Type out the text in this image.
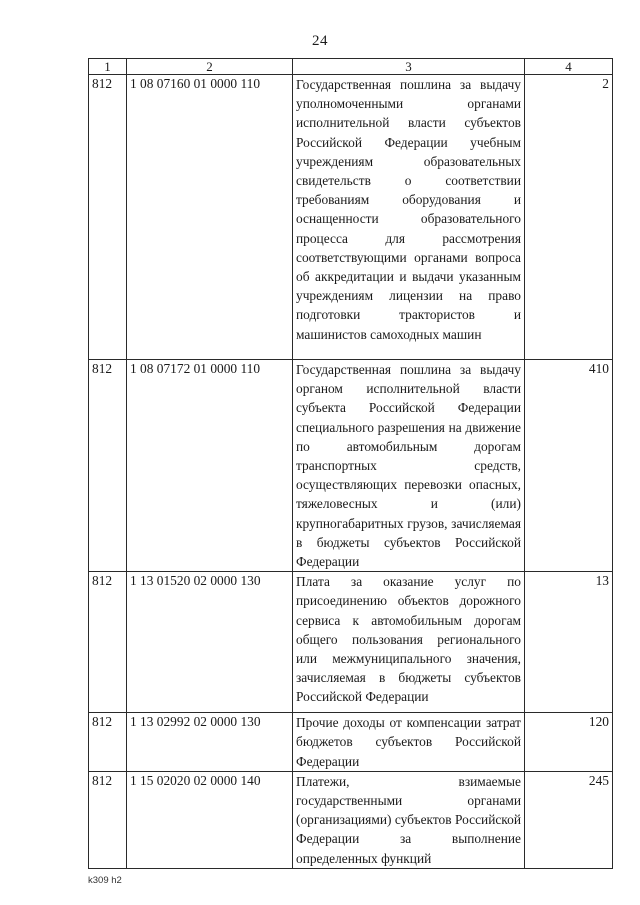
24
1	2	3	4
812	1 08 07160 01 0000 110	Государственная пошлина за выдачу уполномоченными органами исполнительной власти субъектов Российской Федерации учебным учреждениям образовательных свидетельств о соответствии требованиям оборудования и оснащенности образовательного процесса для рассмотрения соответствующими органами вопроса об аккредитации и выдачи указанным учреждениям лицензии на право подготовки трактористов и машинистов самоходных машин	2
812	1 08 07172 01 0000 110	Государственная пошлина за выдачу органом исполнительной власти субъекта Российской Федерации специального разрешения на движение по автомобильным дорогам транспортных средств, осуществляющих перевозки опасных, тяжеловесных и (или) крупногабаритных грузов, зачисляемая в бюджеты субъектов Российской Федерации	410
812	1 13 01520 02 0000 130	Плата за оказание услуг по присоединению объектов дорожного сервиса к автомобильным дорогам общего пользования регионального или межмуниципального значения, зачисляемая в бюджеты субъектов Российской Федерации	13
812	1 13 02992 02 0000 130	Прочие доходы от компенсации затрат бюджетов субъектов Российской Федерации	120
812	1 15 02020 02 0000 140	Платежи, взимаемые государственными органами (организациями) субъектов Российской Федерации за выполнение определенных функций	245
k309 h2
